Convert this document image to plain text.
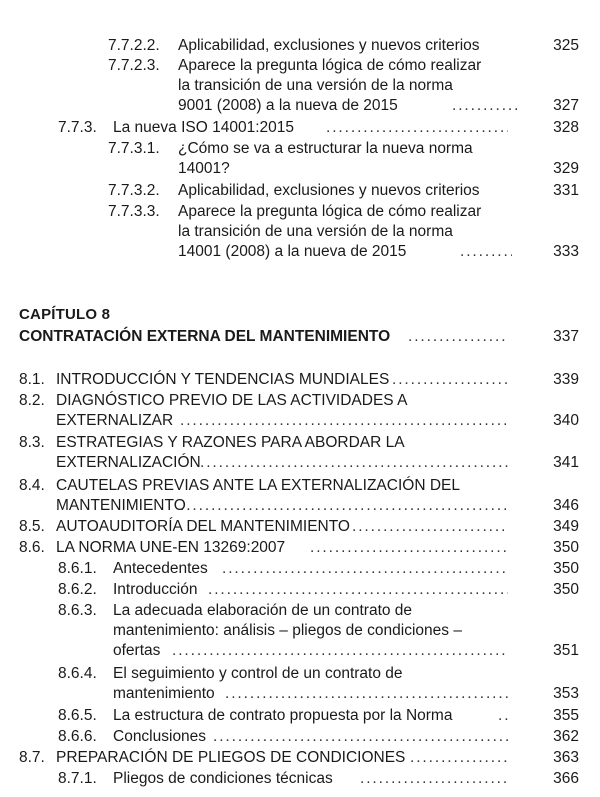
CAPÍTULO 8
7.7.2.2. Aplicabilidad, exclusiones y nuevos criterios	325
7.7.2.3. Aparece la pregunta lógica de cómo realizar
la transición de una versión de la norma
9001 (2008) a la nueva de 2015 . . .	327
7.7.3. La nueva ISO 14001:2015 . . .	328
7.7.3.1. ¿Cómo se va a estructurar la nueva norma
14001?	329
7.7.3.2. Aplicabilidad, exclusiones y nuevos criterios	331
7.7.3.3. Aparece la pregunta lógica de cómo realizar
la transición de una versión de la norma
14001 (2008) a la nueva de 2015 . . .	333
CONTRATACIÓN EXTERNA DEL MANTENIMIENTO . . .	337
8.1. INTRODUCCIÓN Y TENDENCIAS MUNDIALES . . .	339
8.2. DIAGNÓSTICO PREVIO DE LAS ACTIVIDADES A
EXTERNALIZAR . . .	340
8.3. ESTRATEGIAS Y RAZONES PARA ABORDAR LA
EXTERNALIZACIÓN . . .	341
8.4. CAUTELAS PREVIAS ANTE LA EXTERNALIZACIÓN DEL
MANTENIMIENTO . . .	346
8.5. AUTOAUDITORÍA DEL MANTENIMIENTO . . .	349
8.6. LA NORMA UNE-EN 13269:2007 . . .	350
8.6.1. Antecedentes . . .	350
8.6.2. Introducción . . .	350
8.6.3. La adecuada elaboración de un contrato de
mantenimiento: análisis – pliegos de condiciones –
ofertas . . .	351
8.6.4. El seguimiento y control de un contrato de
mantenimiento . . .	353
8.6.5. La estructura de contrato propuesta por la Norma . . .	355
8.6.6. Conclusiones . . .	362
8.7. PREPARACIÓN DE PLIEGOS DE CONDICIONES . . .	363
8.7.1. Pliegos de condiciones técnicas . . .	366
